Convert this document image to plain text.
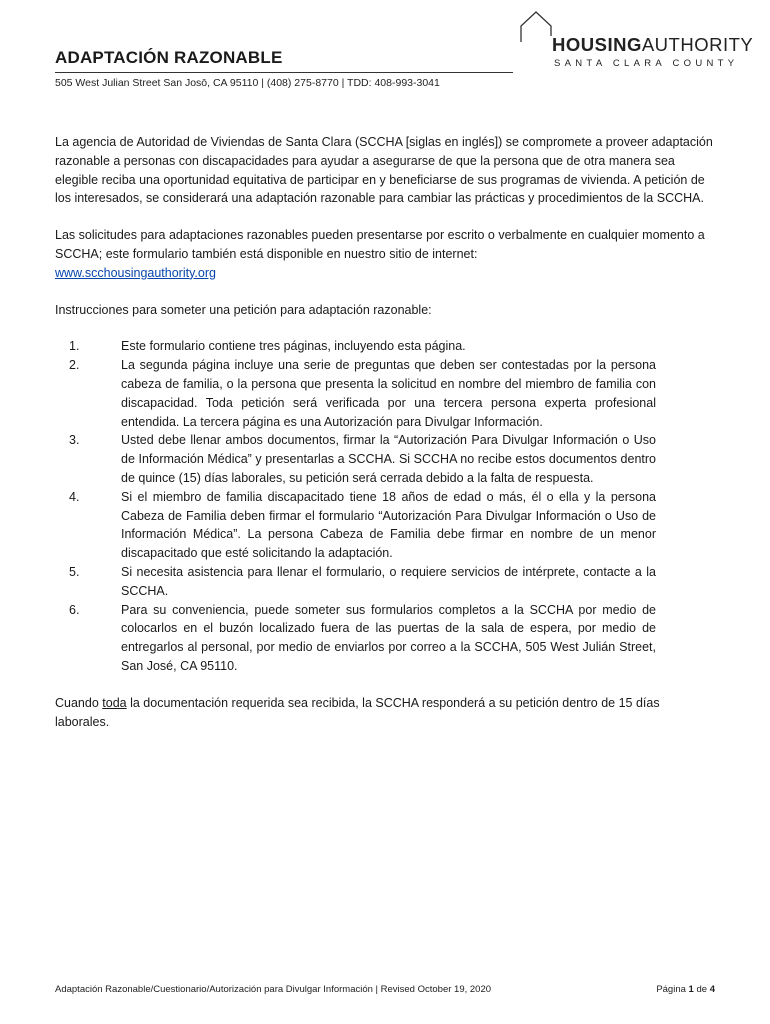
ADAPTACIÓN RAZONABLE
505 West Julian Street San Josō, CA 95110 | (408) 275-8770 | TDD: 408-993-3041
HOUSINGAUTHORITY
SANTA CLARA COUNTY

La agencia de Autoridad de Viviendas de Santa Clara (SCCHA [siglas en inglés]) se compromete a proveer adaptación razonable a personas con discapacidades para ayudar a asegurarse de que la persona que de otra manera sea elegible reciba una oportunidad equitativa de participar en y beneficiarse de sus programas de vivienda. A petición de los interesados, se considerará una adaptación razonable para cambiar las prácticas y procedimientos de la SCCHA.

Las solicitudes para adaptaciones razonables pueden presentarse por escrito o verbalmente en cualquier momento a SCCHA; este formulario también está disponible en nuestro sitio de internet:
www.scchousingauthority.org

Instrucciones para someter una petición para adaptación razonable:

1.	Este formulario contiene tres páginas, incluyendo esta página.
2.	La segunda página incluye una serie de preguntas que deben ser contestadas por la persona cabeza de familia, o la persona que presenta la solicitud en nombre del miembro de familia con discapacidad. Toda petición será verificada por una tercera persona experta profesional entendida. La tercera página es una Autorización para Divulgar Información.
3.	Usted debe llenar ambos documentos, firmar la “Autorización Para Divulgar Información o Uso de Información Médica” y presentarlas a SCCHA. Si SCCHA no recibe estos documentos dentro de quince (15) días laborales, su petición será cerrada debido a la falta de respuesta.
4.	Si el miembro de familia discapacitado tiene 18 años de edad o más, él o ella y la persona Cabeza de Familia deben firmar el formulario “Autorización Para Divulgar Información o Uso de Información Médica”. La persona Cabeza de Familia debe firmar en nombre de un menor discapacitado que esté solicitando la adaptación.
5.	Si necesita asistencia para llenar el formulario, o requiere servicios de intérprete, contacte a la SCCHA.
6.	Para su conveniencia, puede someter sus formularios completos a la SCCHA por medio de colocarlos en el buzón localizado fuera de las puertas de la sala de espera, por medio de entregarlos al personal, por medio de enviarlos por correo a la SCCHA, 505 West Julián Street, San José, CA 95110.

Cuando toda la documentación requerida sea recibida, la SCCHA responderá a su petición dentro de 15 días laborales.

Adaptación Razonable/Cuestionario/Autorización para Divulgar Información | Revised October 19, 2020	Página 1 de 4
